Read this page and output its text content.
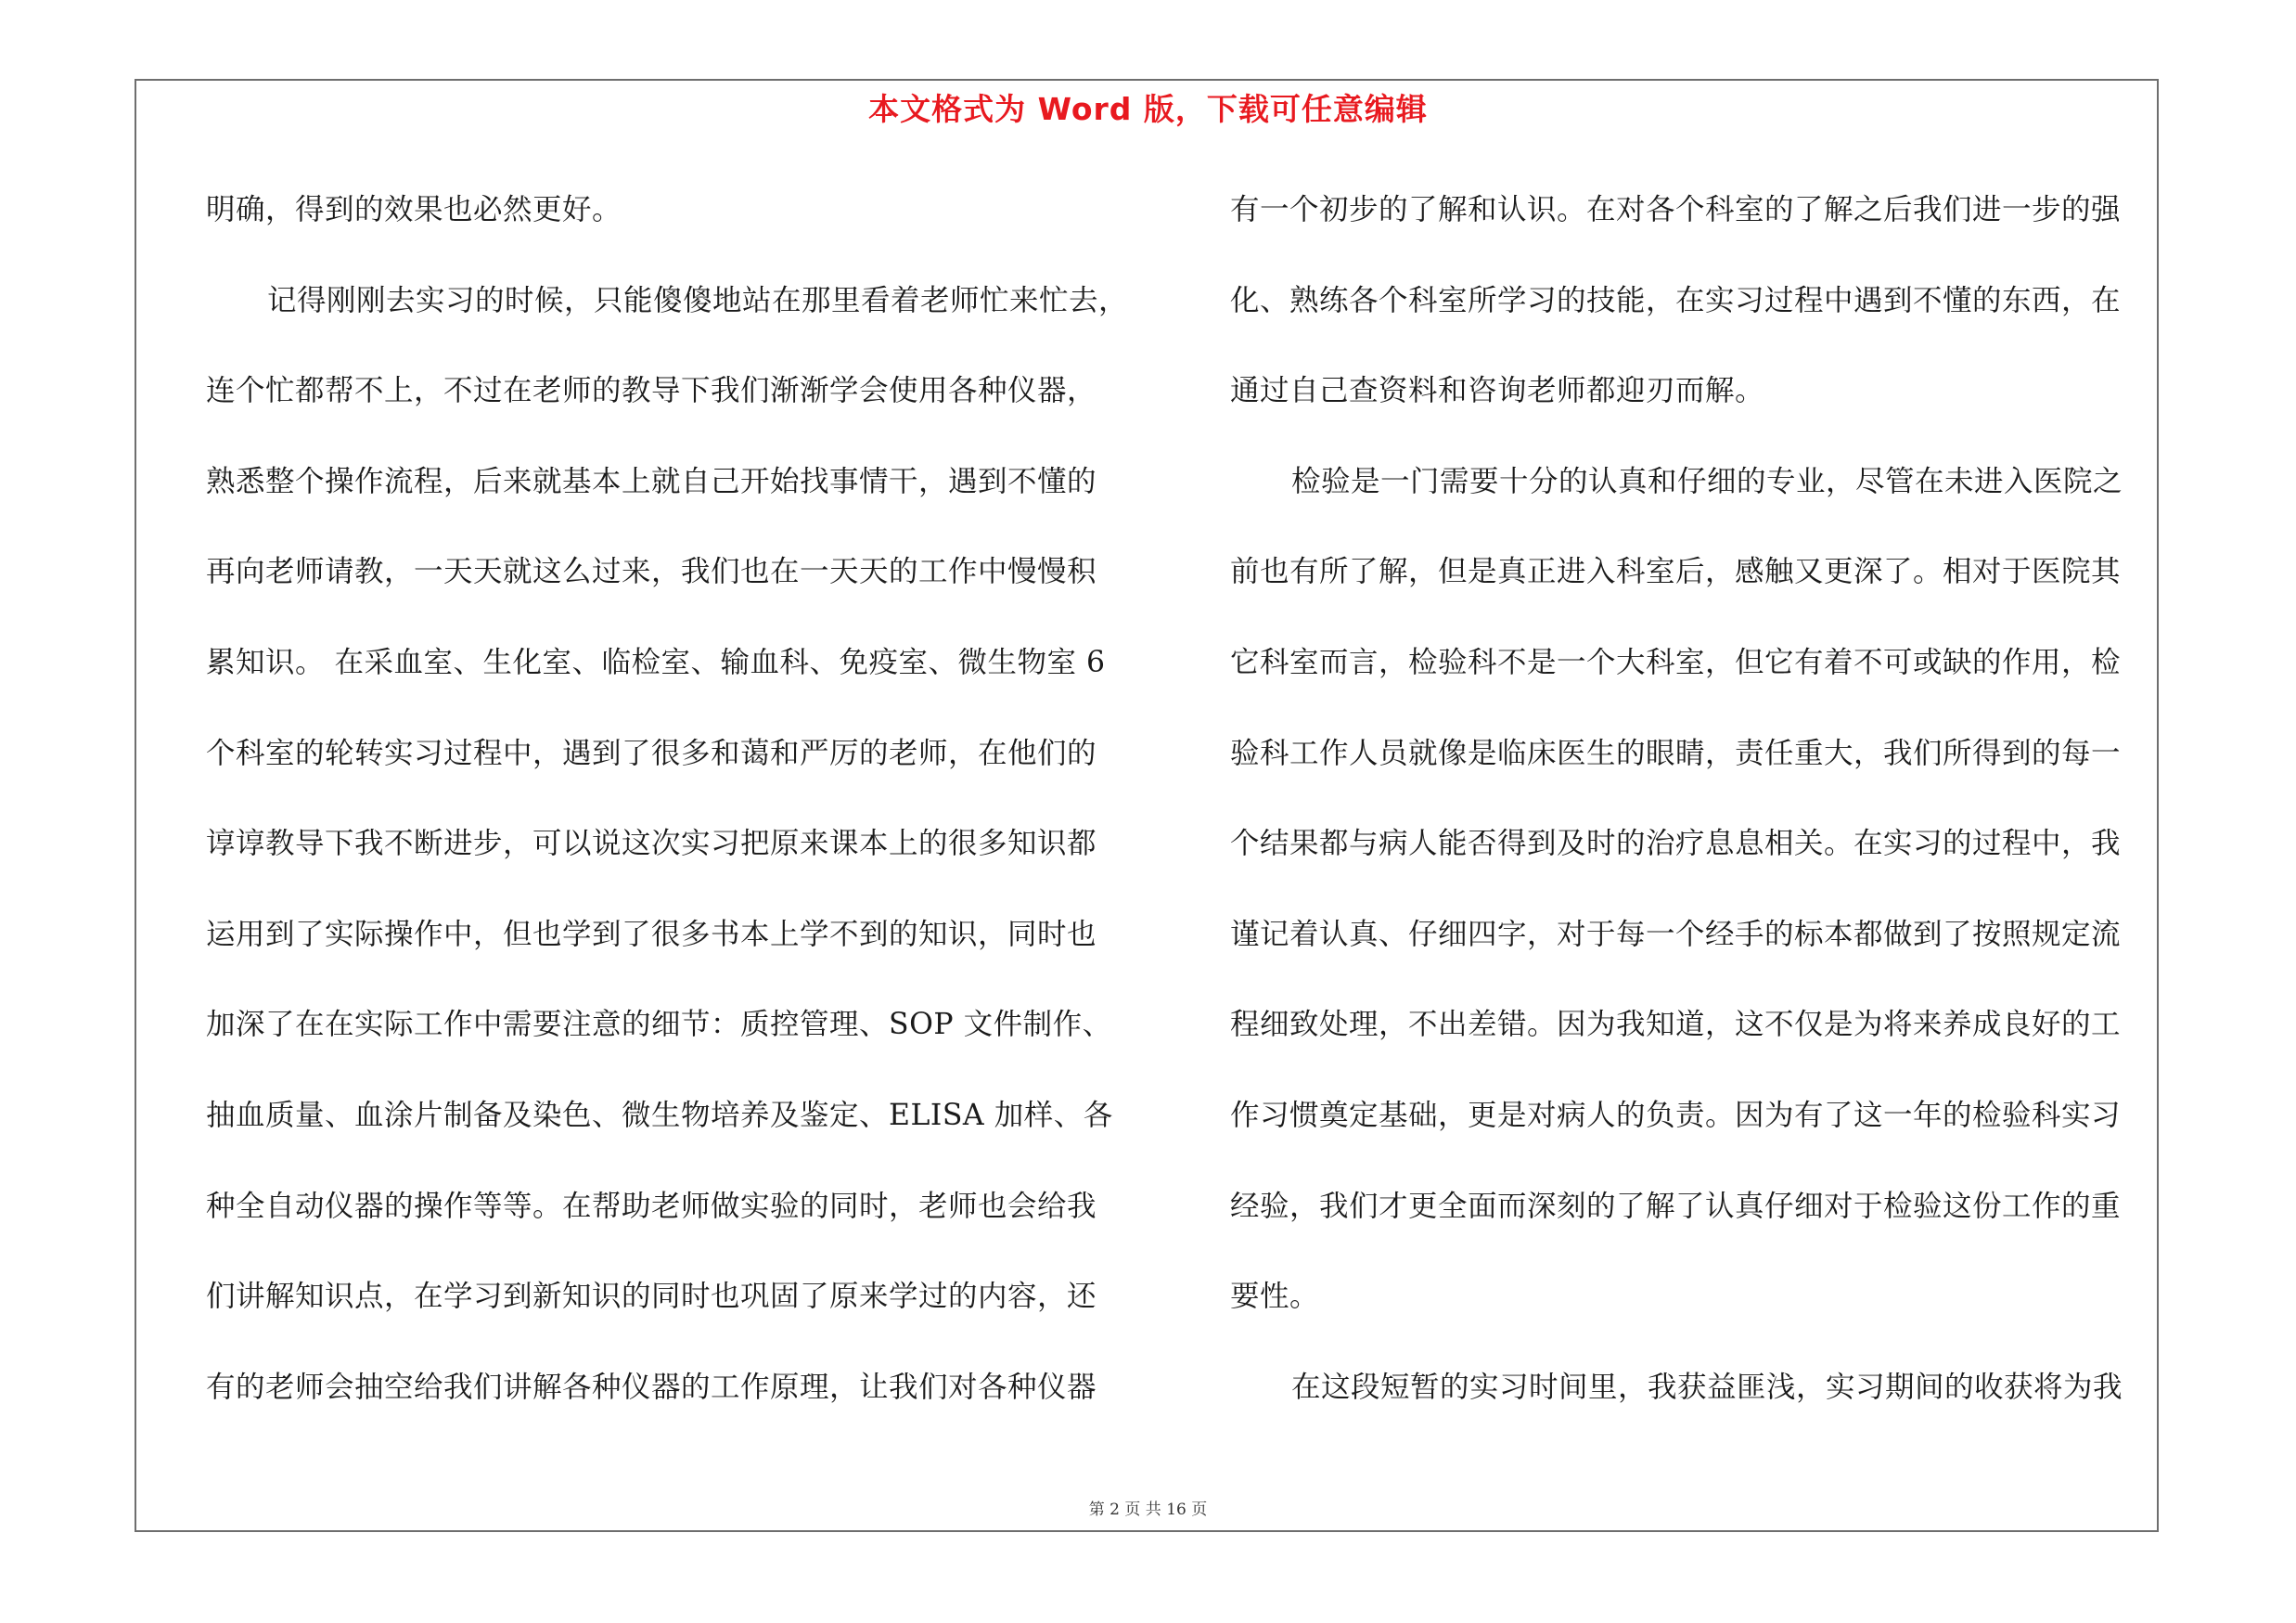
本文格式为 Word 版，下载可任意编辑
明确，得到的效果也必然更好。
记得刚刚去实习的时候，只能傻傻地站在那里看着老师忙来忙去，
连个忙都帮不上，不过在老师的教导下我们渐渐学会使用各种仪器，
熟悉整个操作流程，后来就基本上就自己开始找事情干，遇到不懂的
再向老师请教，一天天就这么过来，我们也在一天天的工作中慢慢积
累知识。 在采血室、生化室、临检室、输血科、免疫室、微生物室 6
个科室的轮转实习过程中，遇到了很多和蔼和严厉的老师，在他们的
谆谆教导下我不断进步，可以说这次实习把原来课本上的很多知识都
运用到了实际操作中，但也学到了很多书本上学不到的知识，同时也
加深了在在实际工作中需要注意的细节：质控管理、SOP 文件制作、
抽血质量、血涂片制备及染色、微生物培养及鉴定、ELISA 加样、各
种全自动仪器的操作等等。在帮助老师做实验的同时，老师也会给我
们讲解知识点，在学习到新知识的同时也巩固了原来学过的内容，还
有的老师会抽空给我们讲解各种仪器的工作原理，让我们对各种仪器
有一个初步的了解和认识。在对各个科室的了解之后我们进一步的强
化、熟练各个科室所学习的技能，在实习过程中遇到不懂的东西，在
通过自己查资料和咨询老师都迎刃而解。
检验是一门需要十分的认真和仔细的专业，尽管在未进入医院之
前也有所了解，但是真正进入科室后，感触又更深了。相对于医院其
它科室而言，检验科不是一个大科室，但它有着不可或缺的作用，检
验科工作人员就像是临床医生的眼睛，责任重大，我们所得到的每一
个结果都与病人能否得到及时的治疗息息相关。在实习的过程中，我
谨记着认真、仔细四字，对于每一个经手的标本都做到了按照规定流
程细致处理，不出差错。因为我知道，这不仅是为将来养成良好的工
作习惯奠定基础，更是对病人的负责。因为有了这一年的检验科实习
经验，我们才更全面而深刻的了解了认真仔细对于检验这份工作的重
要性。
在这段短暂的实习时间里，我获益匪浅，实习期间的收获将为我
第 2 页 共 16 页
